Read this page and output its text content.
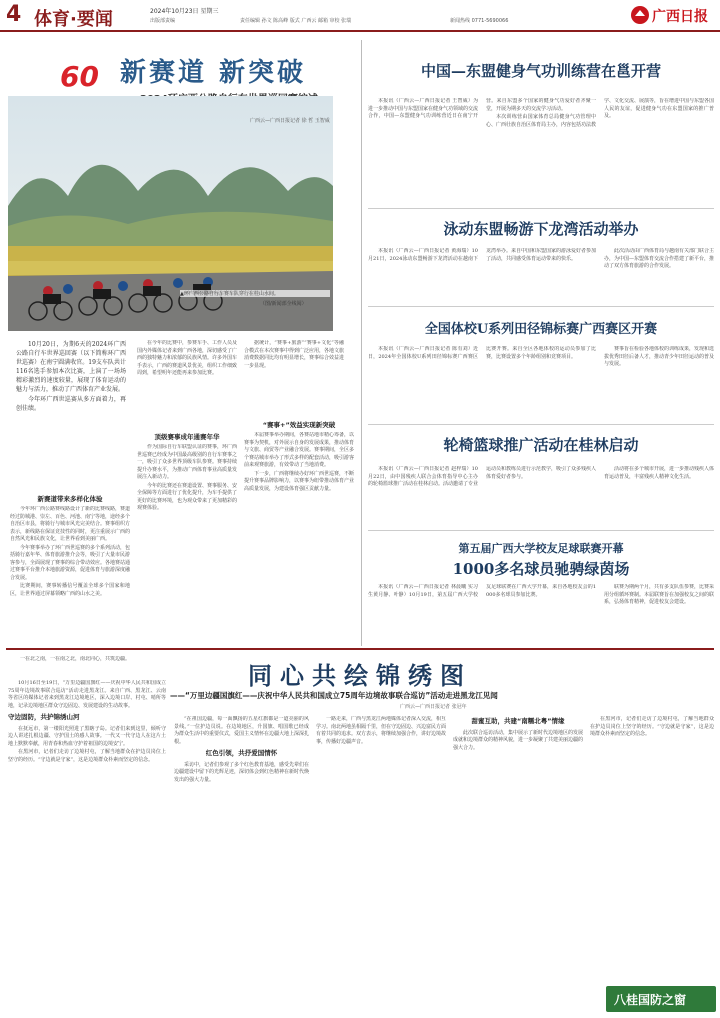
4 体育·要闻	2024年10月23日 星期三
出版部责编	责任编辑 孙文 陈高峰 版式 广西云 邮箱 审校 张瑞	新闻热线 0771-5690066	广西日报
60 新赛道 新突破
▲环广西公路自行车赛车队穿行在桂山水间。
（图/新闻部全线阅）
广西云—广西日报记者 徐 哲 玉智威

10月20日，为期6天的2024环广西公路自行车世界巡回赛（以下简称环广西世巡赛）在南宁圆满收官。19支车队共计116名选手参加本次比赛，上演了一场场精彩激烈的速度较量，展现了体育运动的魅力与活力，推动了广西体育产业发展。

今年环广西世巡赛从多方面着力，再创佳绩。

新赛道带来多样化体验

今年环广西公路赛线路设计了新的比赛线路，赛道经过防城港、崇左、百色、河池、南宁等地，途经多个自治区市县，将骑行与城市风光完美结合。赛事组织方表示，新线路在保证竞技性的同时，更注重展示广西的自然风光和民族文化，让世界看到美丽广西。

今年赛事举办了环广西世巡赛的多个系列活动，包括骑行嘉年华、体育旅游推介会等，吸引了大量市民游客参与，全面展现了赛事的综合带动效应。各地赛站通过赛事平台推介本地旅游资源，促进体育与旅游深度融合发展。

比赛期间，赛事转播信号覆盖全球多个国家和地区，让世界通过屏幕领略广西的山水之美。

在今年的比赛中，参赛车手、工作人员及国内外媒体记者来到广西各地，深切感受了广西的独特魅力和浓郁的民族风情。许多外国车手表示，广西的赛道风景优美，组织工作细致周到，希望明年还能再来参加比赛。

顶级赛事成年通赛年华

作为国际自行车联盟认证的赛事，环广西世巡赛已经成为中国最高级别的自行车赛事之一，吸引了众多世界顶级车队参赛。赛事持续提升办赛水平，为推动广西体育事业高质量发展注入新动力。

今年的比赛还在赛道设置、赛事服务、安全保障等方面进行了优化提升，为车手提供了更好的比赛环境，也为观众带来了更加精彩的观赛体验。

据统计，“赛事+旅游”“赛事+文化”等融合模式在本次赛事中得到广泛应用，各地文旅消费数据同比均有明显增长，赛事综合效益进一步显现。

“赛事+”效益实现新突破

本届赛事举办期间，各赛站地市精心筹备，以赛事为契机，对外展示自身的发展成果，推动体育与文旅、商贸等产业融合发展。赛事期间，全区多个赛站城市举办了形式多样的配套活动，吸引游客前来观赛旅游，有效带动了当地消费。

下一步，广西将继续办好环广西世巡赛，不断提升赛事品牌影响力，以赛事为纽带推动体育产业高质量发展，为建设体育强区贡献力量。

中国—东盟健身气功训练营在邕开营

本报讯（广西云—广西日报记者 王智威）为进一步推动中国与东盟国家在健身气功领域的交流合作，中国—东盟健身气功训练营近日在南宁开营。来自东盟多个国家的健身气功爱好者齐聚一堂，开展为期多天的交流学习活动。

本次训练营由国家体育总局健身气功管理中心、广西壮族自治区体育局主办，内容包括功法教学、文化交流、展演等，旨在增进中国与东盟各国人民的友谊，促进健身气功在东盟国家的推广普及。

泳动东盟畅游下龙湾活动举办

本报讯（广西云—广西日报记者 黄海瑞）10月21日，2024泳动东盟畅游下龙湾活动在越南下龙湾举办。来自中国和东盟国家的游泳爱好者参加了活动，共同感受体育运动带来的快乐。

此次活动由广西体育局与越南有关部门联合主办，为中国—东盟体育交流合作搭建了新平台，推动了双方体育旅游的合作发展。

全国体校U系列田径锦标赛广西赛区开赛

本报讯（广西云—广西日报记者 陈有刘）近日，2024年全国体校U系列田径锦标赛广西赛区比赛开赛。来自全区各地体校的运动员参加了比赛，比赛设置多个年龄组别和竞赛项目。

赛事旨在检验各地体校的训练成果，发现和选拔优秀田径后备人才，推动青少年田径运动的普及与发展。

轮椅篮球推广活动在桂林启动

本报讯（广西云—广西日报记者 赵梓瑞）10月22日，由中国残疾人联合会体育指导中心主办的轮椅篮球推广活动在桂林启动。活动邀请了专业运动员和教练员进行示范教学，吸引了众多残疾人体育爱好者参与。

活动将在多个城市开展，进一步推动残疾人体育运动普及，丰富残疾人精神文化生活。

第五届广西大学校友足球联赛开幕
1000多名球员驰骋绿茵场

本报讯（广西云—广西日报记者 林晨曦 实习生黄月静、叶静）10月19日，第五届广西大学校友足球联赛在广西大学开幕，来自各地校友会的1000多名球员参加比赛。

联赛为期两个月，共有多支队伍参赛，比赛采用分组循环赛制。本届联赛旨在加强校友之间的联系，弘扬体育精神，促进校友会建设。

一在北之南，一在南之北，南北同心，共筑边疆。

同心共绘锦绣图
——“万里边疆国旗红——庆祝中华人民共和国成立75周年边境故事联合巡访”活动走进黑龙江见闻
广西云—广西日报记者 张冠年

10月16日至19日，“万里边疆国旗红——庆祝中华人民共和国成立75周年边境故事联合巡访”活动走进黑龙江。来自广西、黑龙江、云南等省区的媒体记者来到黑龙江边境地区，深入边境口岸、村屯、哨所等地，记录边境地区群众守边固边、发展建设的生动故事。

守边固防，共护锦绣山河

在抚远市，第一缕阳光照进了黑瞎子岛。记者们来到这里，倾听守边人讲述扎根边疆、守护国土的感人故事。一代又一代守边人在这片土地上默默奉献，用青春和热血守护着祖国的边境安宁。

在黑河市，记者们走访了边境村屯，了解当地群众在护边员岗位上坚守的经历。“守边就是守家”，这是边境群众朴素而坚定的信念。

“在祖国边疆，每一面飘扬的五星红旗都是一道亮丽的风景线。”一位护边员说。在边境地区，升国旗、唱国歌已经成为群众生活中的重要仪式，爱国主义情怀在边疆大地上深深扎根。

红色引领，共抒爱国情怀

采访中，记者们参观了多个红色教育基地，感受先辈们在边疆建设中留下的光辉足迹，深切体会到红色精神在新时代焕发出的强大力量。

一路走来，广西与黑龙江两地媒体记者深入交流，相互学习。南北两地虽相隔千里，但在守边固边、兴边富民方面有着共同的追求。双方表示，将继续加强合作，讲好边境故事，传播好边疆声音。

甜蜜互助，共建“南糯北粤”情缘

此次联合巡访活动，集中展示了新时代边境地区的发展成就和边境群众的精神风貌，进一步凝聚了共建美丽边疆的强大合力。

在黑河市，记者们走访了边境村屯，了解当地群众在护边员岗位上坚守的经历。“守边就是守家”，这是边境群众朴素而坚定的信念。

八桂国防之窗
